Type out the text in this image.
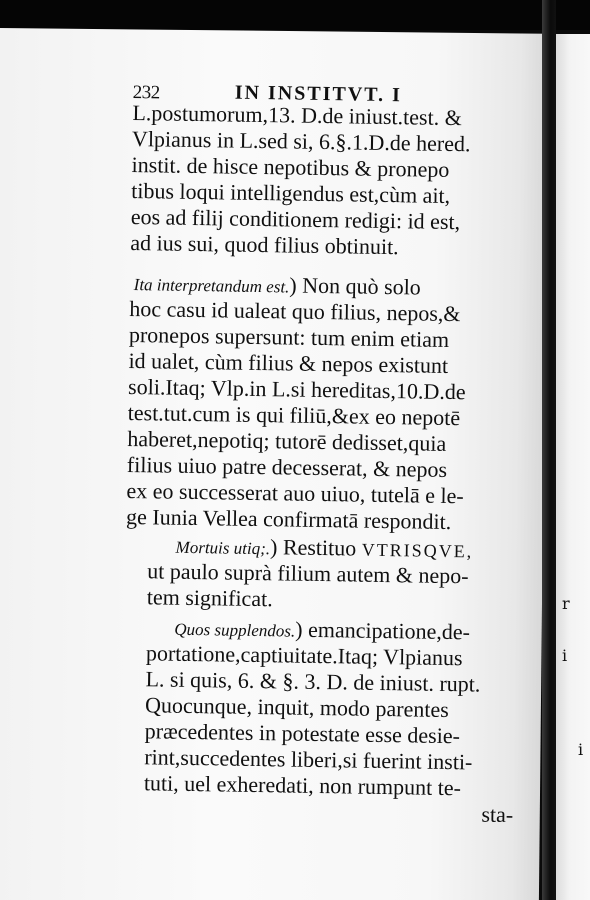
r
i
i
232	IN INSTITVT. I
L.postumorum,13. D.de iniust.test. &
Vlpianus in L.sed si, 6.§.1.D.de hered.
instit. de hisce nepotibus & pronepo
tibus loqui intelligendus est,cùm ait,
eos ad filij conditionem redigi: id est,
ad ius sui, quod filius obtinuit.
Ita interpretandum est.) Non quò solo
hoc casu id ualeat quo filius, nepos,&
pronepos supersunt: tum enim etiam
id ualet, cùm filius & nepos existunt
soli.Itaq; Vlp.in L.si hereditas,10.D.de
test.tut.cum is qui filiū,&ex eo nepotē
haberet,nepotiq; tutorē dedisset,quia
filius uiuo patre decesserat, & nepos
ex eo successerat auo uiuo, tutelā e le-
ge Iunia Vellea confirmatā respondit.
Mortuis utiq;.) Restituo VTRISQVE,
ut paulo suprà filium autem & nepo-
tem significat.
Quos supplendos.) emancipatione,de-
portatione,captiuitate.Itaq; Vlpianus
L. si quis, 6. & §. 3. D. de iniust. rupt.
Quocunque, inquit, modo parentes
præcedentes in potestate esse desie-
rint,succedentes liberi,si fuerint insti-
tuti, uel exheredati, non rumpunt te-
sta-
